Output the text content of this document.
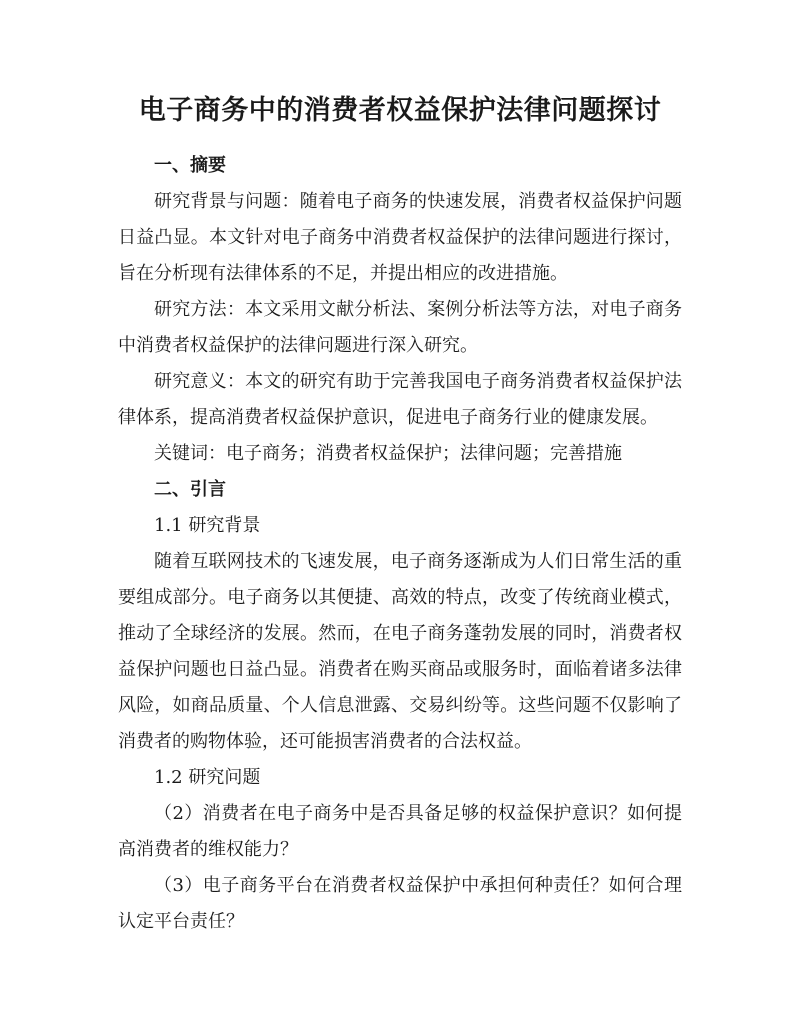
电子商务中的消费者权益保护法律问题探讨
一、摘要

研究背景与问题：随着电子商务的快速发展，消费者权益保护问题日益凸显。本文针对电子商务中消费者权益保护的法律问题进行探讨，旨在分析现有法律体系的不足，并提出相应的改进措施。

研究方法：本文采用文献分析法、案例分析法等方法，对电子商务中消费者权益保护的法律问题进行深入研究。

研究意义：本文的研究有助于完善我国电子商务消费者权益保护法律体系，提高消费者权益保护意识，促进电子商务行业的健康发展。

关键词：电子商务；消费者权益保护；法律问题；完善措施

二、引言

1.1 研究背景

随着互联网技术的飞速发展，电子商务逐渐成为人们日常生活的重要组成部分。电子商务以其便捷、高效的特点，改变了传统商业模式，推动了全球经济的发展。然而，在电子商务蓬勃发展的同时，消费者权益保护问题也日益凸显。消费者在购买商品或服务时，面临着诸多法律风险，如商品质量、个人信息泄露、交易纠纷等。这些问题不仅影响了消费者的购物体验，还可能损害消费者的合法权益。

1.2 研究问题

（2）消费者在电子商务中是否具备足够的权益保护意识？如何提高消费者的维权能力？

（3）电子商务平台在消费者权益保护中承担何种责任？如何合理认定平台责任？
